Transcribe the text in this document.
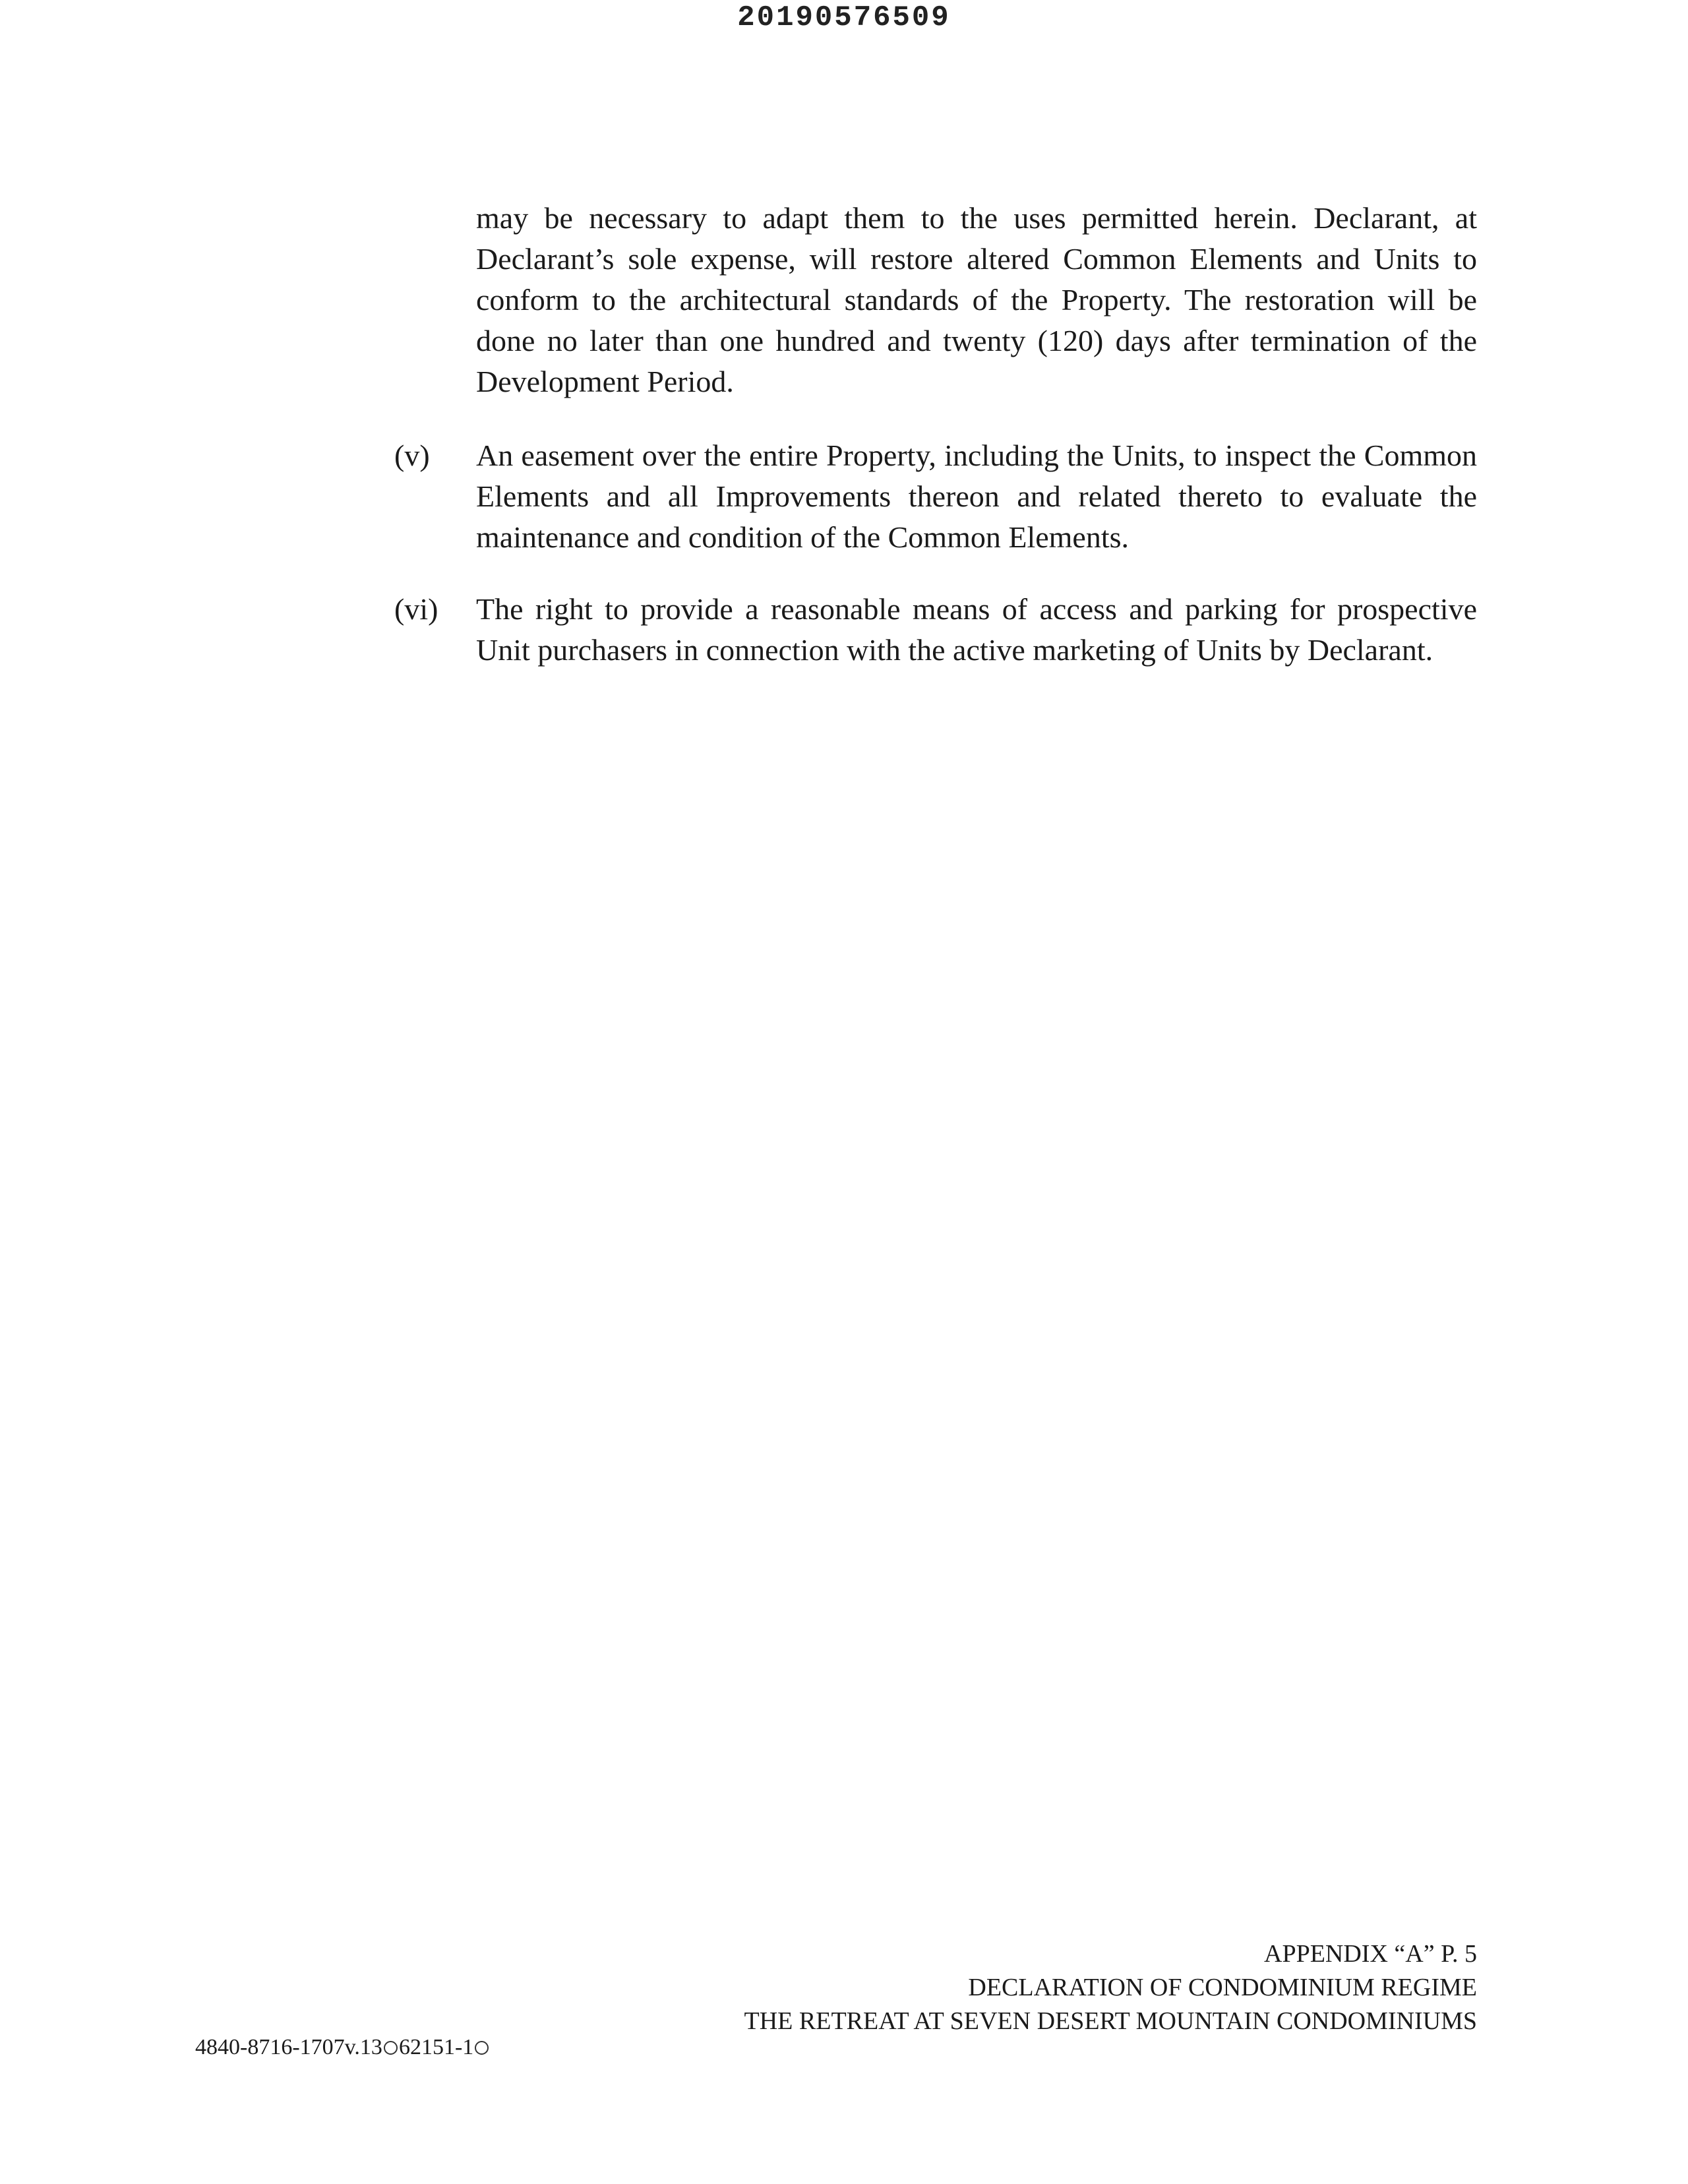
20190576509
may be necessary to adapt them to the uses permitted herein. Declarant, at Declarant’s sole expense, will restore altered Common Elements and Units to conform to the architectural standards of the Property. The restoration will be done no later than one hundred and twenty (120) days after termination of the Development Period.
(v) An easement over the entire Property, including the Units, to inspect the Common Elements and all Improvements thereon and related thereto to evaluate the maintenance and condition of the Common Elements.
(vi) The right to provide a reasonable means of access and parking for prospective Unit purchasers in connection with the active marketing of Units by Declarant.
APPENDIX “A” P. 5
DECLARATION OF CONDOMINIUM REGIME
THE RETREAT AT SEVEN DESERT MOUNTAIN CONDOMINIUMS
4840-8716-1707v.13 ○ 62151-1
